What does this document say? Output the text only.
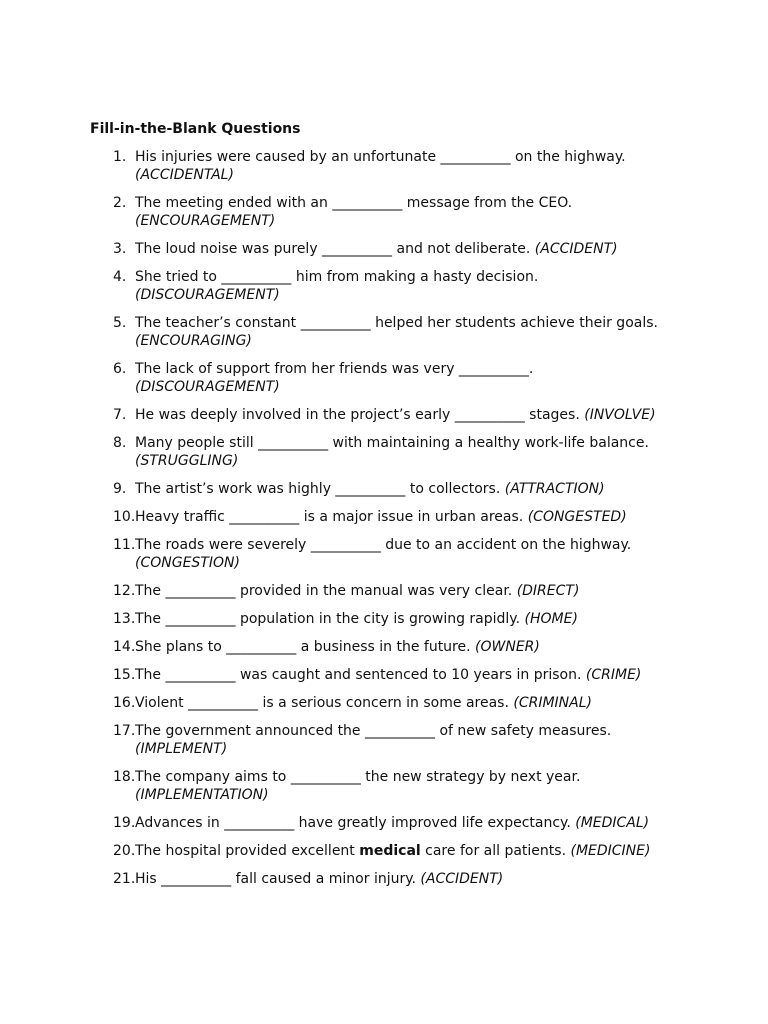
Fill-in-the-Blank Questions
1. His injuries were caused by an unfortunate __________ on the highway.
(ACCIDENTAL)
2. The meeting ended with an __________ message from the CEO.
(ENCOURAGEMENT)
3. The loud noise was purely __________ and not deliberate. (ACCIDENT)
4. She tried to __________ him from making a hasty decision.
(DISCOURAGEMENT)
5. The teacher’s constant __________ helped her students achieve their goals.
(ENCOURAGING)
6. The lack of support from her friends was very __________.
(DISCOURAGEMENT)
7. He was deeply involved in the project’s early __________ stages. (INVOLVE)
8. Many people still __________ with maintaining a healthy work-life balance.
(STRUGGLING)
9. The artist’s work was highly __________ to collectors. (ATTRACTION)
10. Heavy traffic __________ is a major issue in urban areas. (CONGESTED)
11. The roads were severely __________ due to an accident on the highway.
(CONGESTION)
12. The __________ provided in the manual was very clear. (DIRECT)
13. The __________ population in the city is growing rapidly. (HOME)
14. She plans to __________ a business in the future. (OWNER)
15. The __________ was caught and sentenced to 10 years in prison. (CRIME)
16. Violent __________ is a serious concern in some areas. (CRIMINAL)
17. The government announced the __________ of new safety measures.
(IMPLEMENT)
18. The company aims to __________ the new strategy by next year.
(IMPLEMENTATION)
19. Advances in __________ have greatly improved life expectancy. (MEDICAL)
20. The hospital provided excellent medical care for all patients. (MEDICINE)
21. His __________ fall caused a minor injury. (ACCIDENT)
